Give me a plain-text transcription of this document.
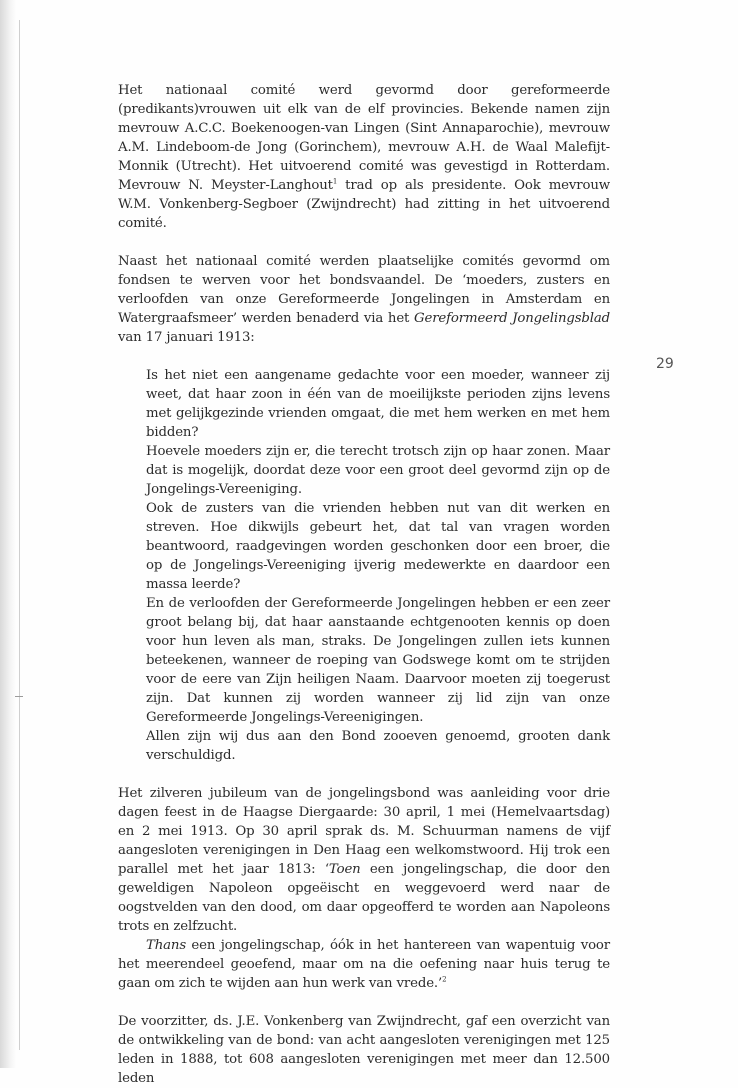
29

Het nationaal comité werd gevormd door gereformeerde (predikants)vrouwen uit elk van de elf provincies. Bekende namen zijn mevrouw A.C.C. Boekenoogen-van Lingen (Sint Annaparochie), mevrouw A.M. Lindeboom-de Jong (Gorinchem), mevrouw A.H. de Waal Malefijt-Monnik (Utrecht). Het uitvoerend comité was gevestigd in Rotterdam. Mevrouw N. Meyster-Langhout$^1$ trad op als presidente. Ook mevrouw W.M. Vonkenberg-Segboer (Zwijndrecht) had zitting in het uitvoerend comité.

Naast het nationaal comité werden plaatselijke comités gevormd om fondsen te werven voor het bondsvaandel. De ‘moeders, zusters en verloofden van onze Gereformeerde Jongelingen in Amsterdam en Watergraafsmeer’ werden benaderd via het Gereformeerd Jongelingsblad van 17 januari 1913:

Is het niet een aangename gedachte voor een moeder, wanneer zij weet, dat haar zoon in één van de moeilijkste perioden zijns levens met gelijkgezinde vrienden omgaat, die met hem werken en met hem bidden?

Hoevele moeders zijn er, die terecht trotsch zijn op haar zonen. Maar dat is mogelijk, doordat deze voor een groot deel gevormd zijn op de Jongelings-Vereeniging.

Ook de zusters van die vrienden hebben nut van dit werken en streven. Hoe dikwijls gebeurt het, dat tal van vragen worden beantwoord, raadgevingen worden geschonken door een broer, die op de Jongelings-Vereeniging ijverig medewerkte en daardoor een massa leerde?

En de verloofden der Gereformeerde Jongelingen hebben er een zeer groot belang bij, dat haar aanstaande echtgenooten kennis op doen voor hun leven als man, straks. De Jongelingen zullen iets kunnen beteekenen, wanneer de roeping van Godswege komt om te strijden voor de eere van Zijn heiligen Naam. Daarvoor moeten zij toegerust zijn. Dat kunnen zij worden wanneer zij lid zijn van onze Gereformeerde Jongelings-Vereenigingen.

Allen zijn wij dus aan den Bond zooeven genoemd, grooten dank verschuldigd.

Het zilveren jubileum van de jongelingsbond was aanleiding voor drie dagen feest in de Haagse Diergaarde: 30 april, 1 mei (Hemelvaartsdag) en 2 mei 1913. Op 30 april sprak ds. M. Schuurman namens de vijf aangesloten verenigingen in Den Haag een welkomstwoord. Hij trok een parallel met het jaar 1813: ‘Toen een jongelingschap, die door den geweldigen Napoleon opgeëischt en weggevoerd werd naar de oogstvelden van den dood, om daar opgeofferd te worden aan Napoleons trots en zelfzucht.

Thans een jongelingschap, óók in het hantereen van wapentuig voor het meerendeel geoefend, maar om na die oefening naar huis terug te gaan om zich te wijden aan hun werk van vrede.’$^2$

De voorzitter, ds. J.E. Vonkenberg van Zwijndrecht, gaf een overzicht van de ontwikkeling van de bond: van acht aangesloten verenigingen met 125 leden in 1888, tot 608 aangesloten verenigingen met meer dan 12.500 leden
